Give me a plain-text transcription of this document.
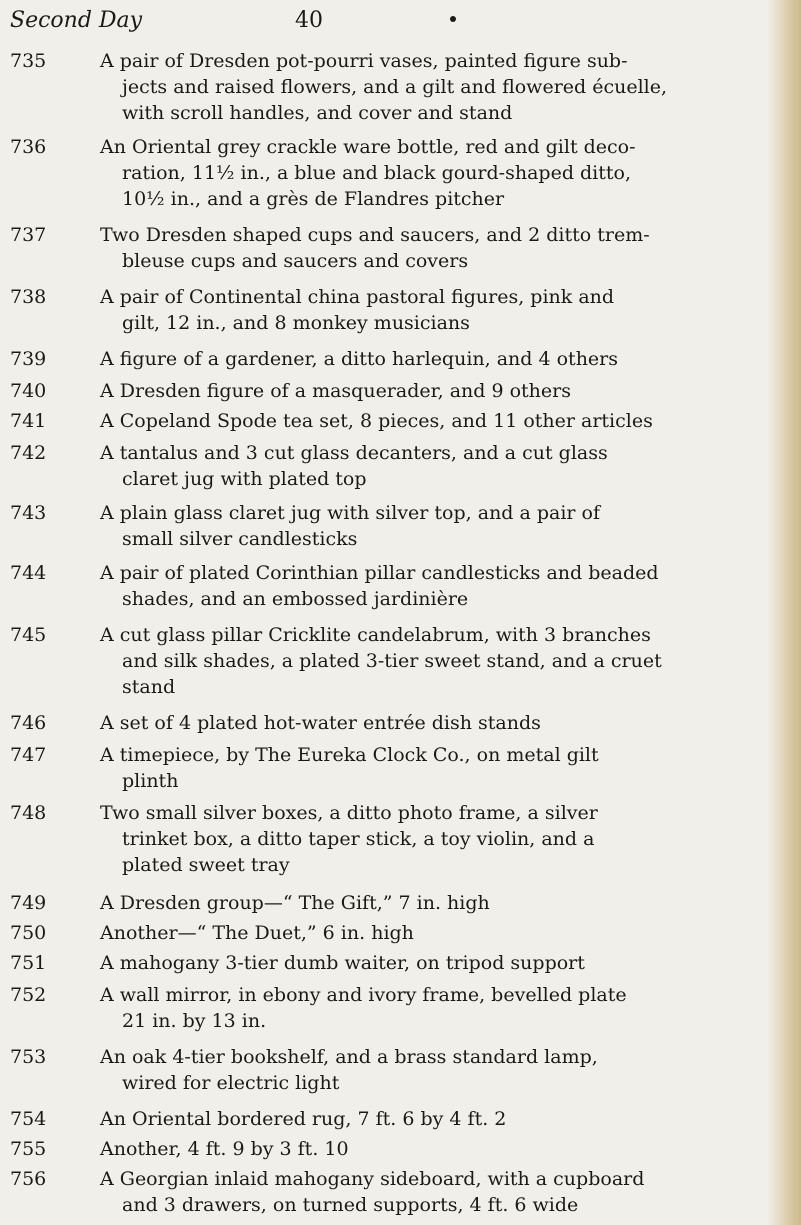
Second Day	40
735	A pair of Dresden pot-pourri vases, painted figure sub-
jects and raised flowers, and a gilt and flowered écuelle,
with scroll handles, and cover and stand
736	An Oriental grey crackle ware bottle, red and gilt deco-
ration, 11½ in., a blue and black gourd-shaped ditto,
10½ in., and a grès de Flandres pitcher
737	Two Dresden shaped cups and saucers, and 2 ditto trem-
bleuse cups and saucers and covers
738	A pair of Continental china pastoral figures, pink and
gilt, 12 in., and 8 monkey musicians
739	A figure of a gardener, a ditto harlequin, and 4 others
740	A Dresden figure of a masquerader, and 9 others
741	A Copeland Spode tea set, 8 pieces, and 11 other articles
742	A tantalus and 3 cut glass decanters, and a cut glass
claret jug with plated top
743	A plain glass claret jug with silver top, and a pair of
small silver candlesticks
744	A pair of plated Corinthian pillar candlesticks and beaded
shades, and an embossed jardinière
745	A cut glass pillar Cricklite candelabrum, with 3 branches
and silk shades, a plated 3-tier sweet stand, and a cruet
stand
746	A set of 4 plated hot-water entrée dish stands
747	A timepiece, by The Eureka Clock Co., on metal gilt
plinth
748	Two small silver boxes, a ditto photo frame, a silver
trinket box, a ditto taper stick, a toy violin, and a
plated sweet tray
749	A Dresden group—“ The Gift,” 7 in. high
750	Another—“ The Duet,” 6 in. high
751	A mahogany 3-tier dumb waiter, on tripod support
752	A wall mirror, in ebony and ivory frame, bevelled plate
21 in. by 13 in.
753	An oak 4-tier bookshelf, and a brass standard lamp,
wired for electric light
754	An Oriental bordered rug, 7 ft. 6 by 4 ft. 2
755	Another, 4 ft. 9 by 3 ft. 10
756	A Georgian inlaid mahogany sideboard, with a cupboard
and 3 drawers, on turned supports, 4 ft. 6 wide
